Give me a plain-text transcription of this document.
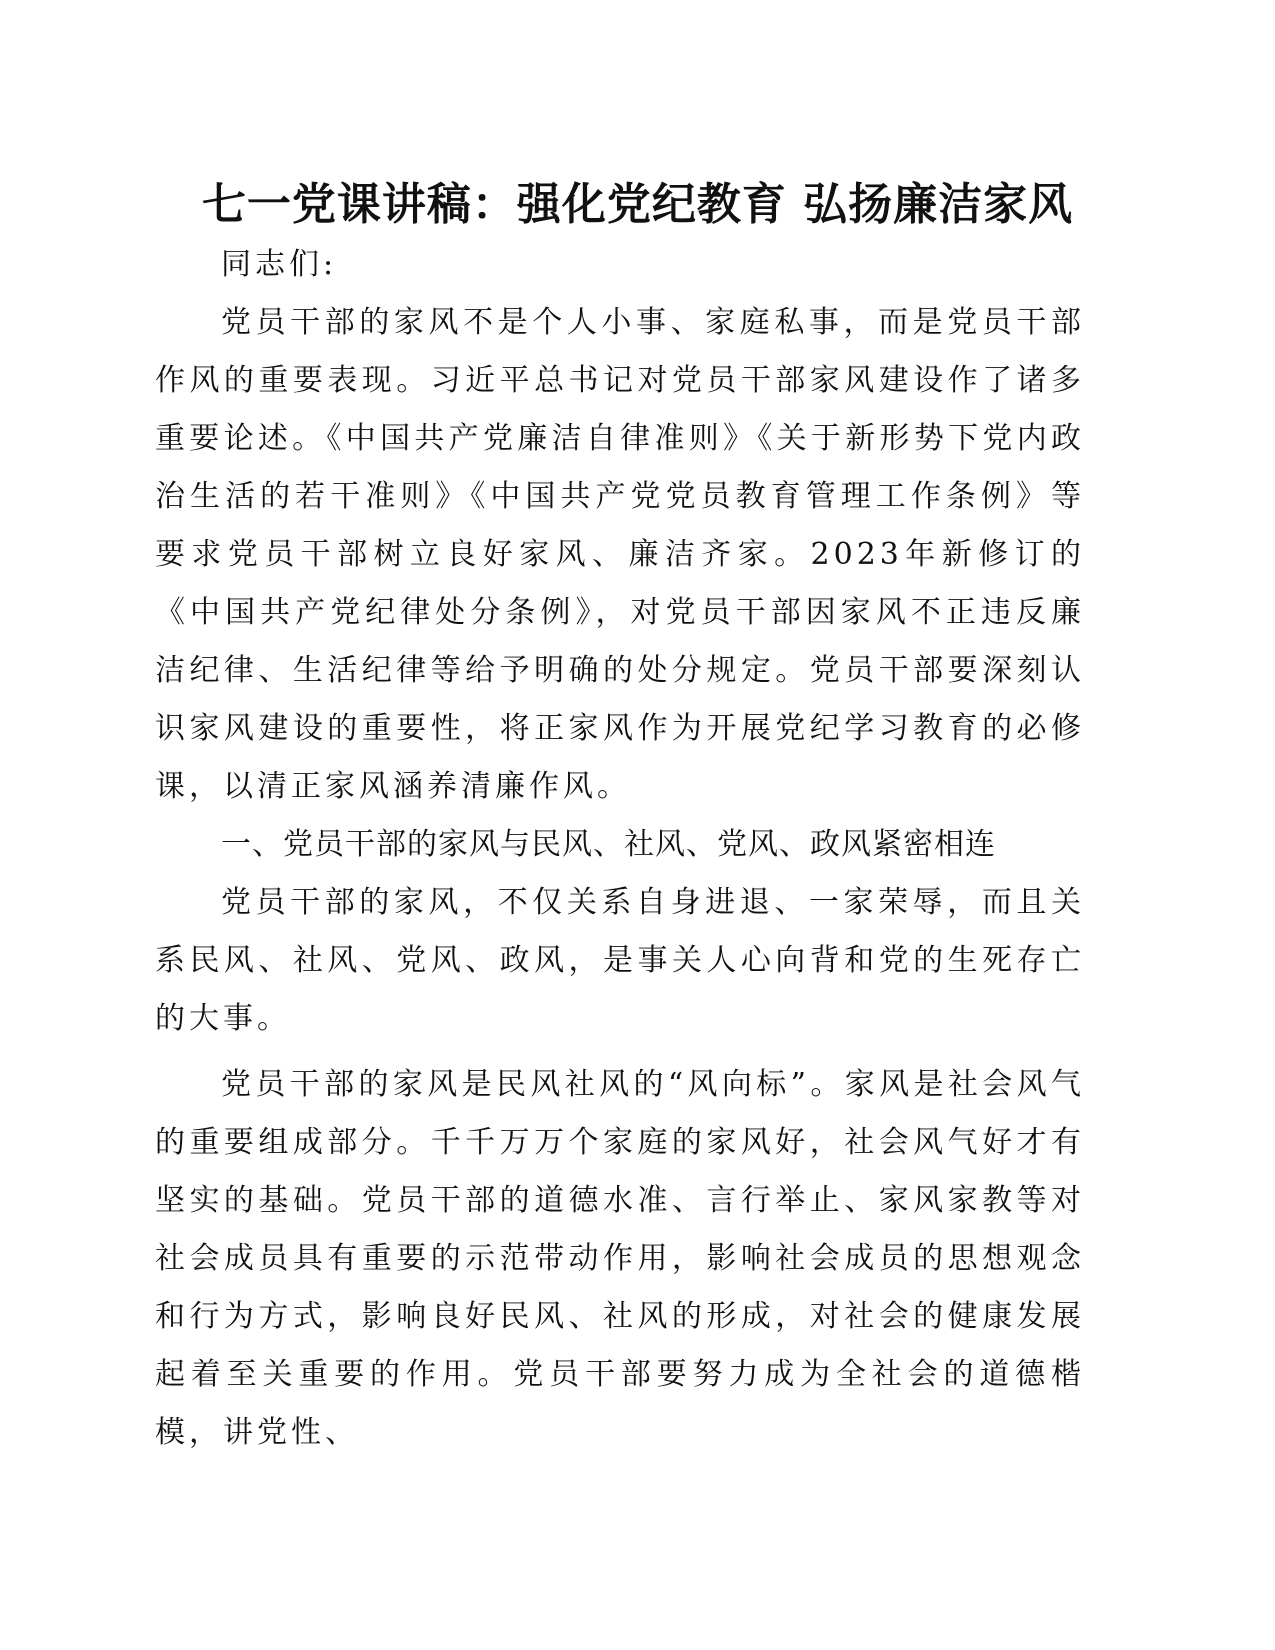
七一党课讲稿：强化党纪教育 弘扬廉洁家风

同志们:

党员干部的家风不是个人小事、家庭私事，而是党员干部作风的重要表现。习近平总书记对党员干部家风建设作了诸多重要论述。《中国共产党廉洁自律准则》《关于新形势下党内政治生活的若干准则》《中国共产党党员教育管理工作条例》等要求党员干部树立良好家风、廉洁齐家。2023年新修订的《中国共产党纪律处分条例》，对党员干部因家风不正违反廉洁纪律、生活纪律等给予明确的处分规定。党员干部要深刻认识家风建设的重要性，将正家风作为开展党纪学习教育的必修课，以清正家风涵养清廉作风。

一、党员干部的家风与民风、社风、党风、政风紧密相连

党员干部的家风，不仅关系自身进退、一家荣辱，而且关系民风、社风、党风、政风，是事关人心向背和党的生死存亡的大事。

党员干部的家风是民风社风的“风向标”。家风是社会风气的重要组成部分。千千万万个家庭的家风好，社会风气好才有坚实的基础。党员干部的道德水准、言行举止、家风家教等对社会成员具有重要的示范带动作用，影响社会成员的思想观念和行为方式，影响良好民风、社风的形成，对社会的健康发展起着至关重要的作用。党员干部要努力成为全社会的道德楷模，讲党性、
